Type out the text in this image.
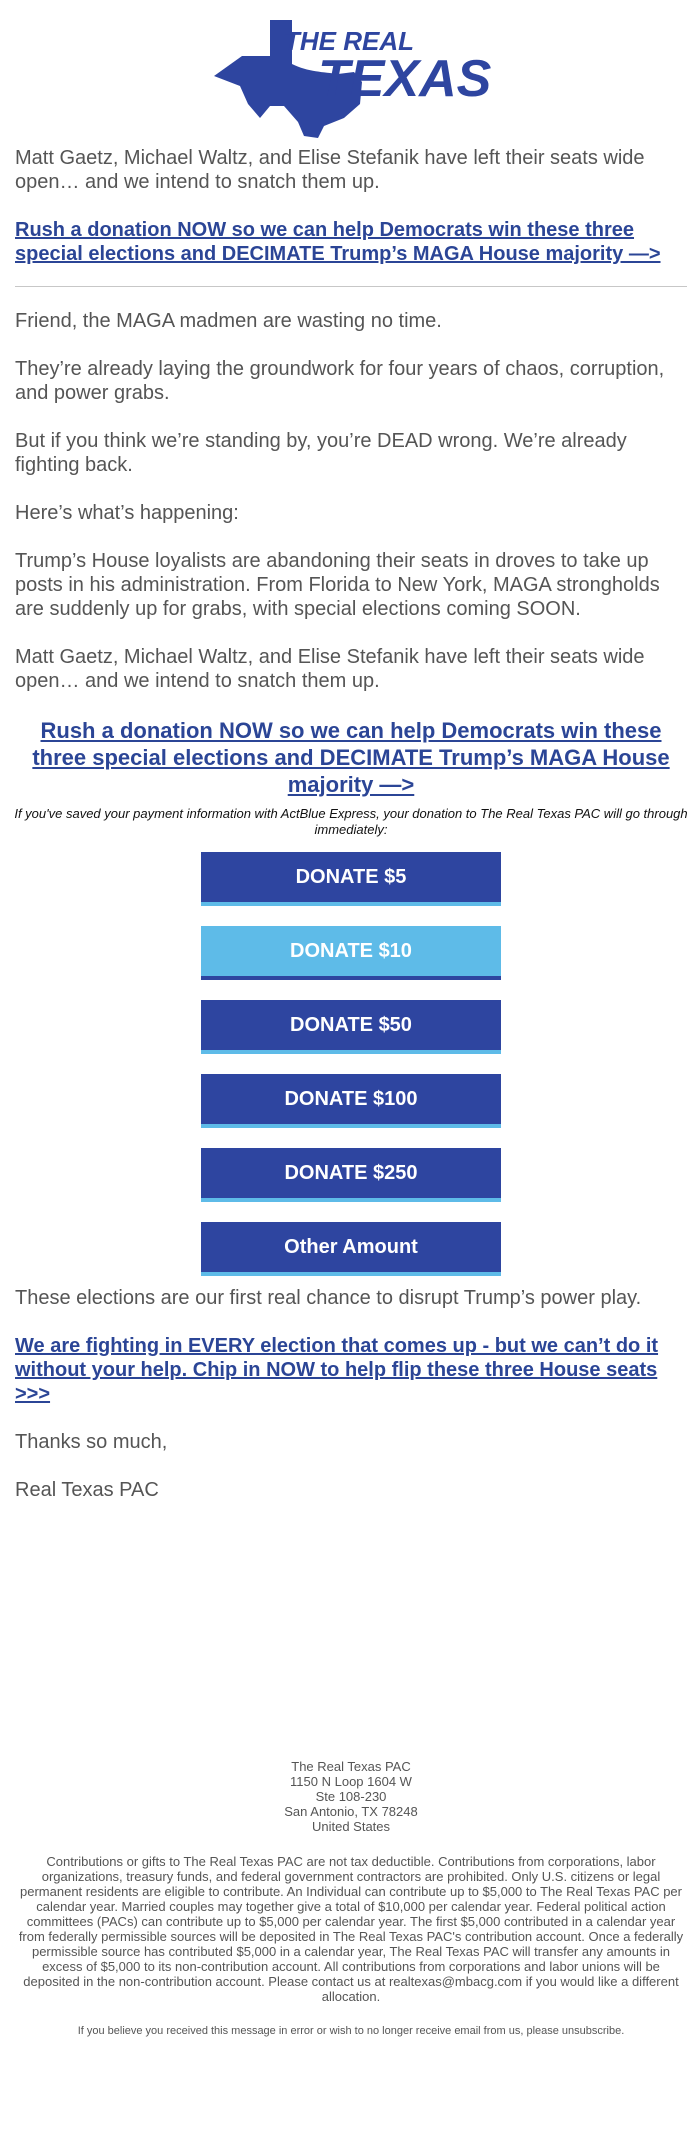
THE REAL
TEXAS

Matt Gaetz, Michael Waltz, and Elise Stefanik have left their seats wide open… and we intend to snatch them up.

Rush a donation NOW so we can help Democrats win these three special elections and DECIMATE Trump’s MAGA House majority —>

Friend, the MAGA madmen are wasting no time.

They’re already laying the groundwork for four years of chaos, corruption, and power grabs.

But if you think we’re standing by, you’re DEAD wrong. We’re already fighting back.

Here’s what’s happening:

Trump’s House loyalists are abandoning their seats in droves to take up posts in his administration. From Florida to New York, MAGA strongholds are suddenly up for grabs, with special elections coming SOON.

Matt Gaetz, Michael Waltz, and Elise Stefanik have left their seats wide open… and we intend to snatch them up.

Rush a donation NOW so we can help Democrats win these three special elections and DECIMATE Trump’s MAGA House majority —>

If you've saved your payment information with ActBlue Express, your donation to The Real Texas PAC will go through immediately:

DONATE $5
DONATE $10
DONATE $50
DONATE $100
DONATE $250
Other Amount

These elections are our first real chance to disrupt Trump’s power play.

We are fighting in EVERY election that comes up - but we can’t do it without your help. Chip in NOW to help flip these three House seats >>>

Thanks so much,

Real Texas PAC

The Real Texas PAC
1150 N Loop 1604 W
Ste 108-230
San Antonio, TX 78248
United States
Contributions or gifts to The Real Texas PAC are not tax deductible. Contributions from corporations, labor organizations, treasury funds, and federal government contractors are prohibited. Only U.S. citizens or legal permanent residents are eligible to contribute. An Individual can contribute up to $5,000 to The Real Texas PAC per calendar year. Married couples may together give a total of $10,000 per calendar year. Federal political action committees (PACs) can contribute up to $5,000 per calendar year. The first $5,000 contributed in a calendar year from federally permissible sources will be deposited in The Real Texas PAC's contribution account. Once a federally permissible source has contributed $5,000 in a calendar year, The Real Texas PAC will transfer any amounts in excess of $5,000 to its non-contribution account. All contributions from corporations and labor unions will be deposited in the non-contribution account. Please contact us at realtexas@mbacg.com if you would like a different allocation.
If you believe you received this message in error or wish to no longer receive email from us, please unsubscribe.
